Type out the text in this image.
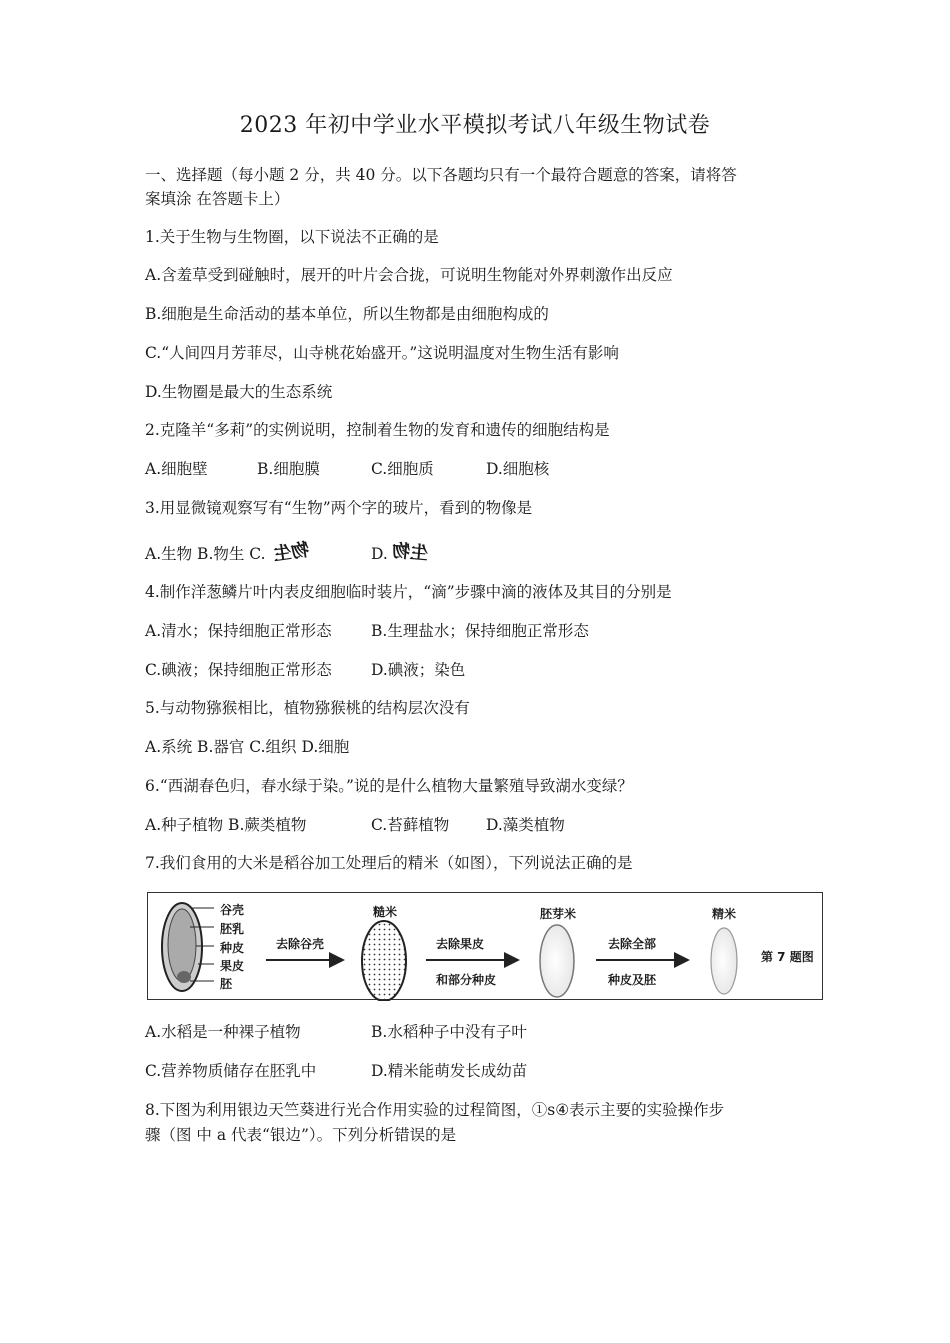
2023 年初中学业水平模拟考试八年级生物试卷
一、选择题（每小题 2 分，共 40 分。以下各题均只有一个最符合题意的答案，请将答
案填涂 在答题卡上）
1.关于生物与生物圈，以下说法不正确的是
A.含羞草受到碰触时，展开的叶片会合拢，可说明生物能对外界刺激作出反应
B.细胞是生命活动的基本单位，所以生物都是由细胞构成的
C.“人间四月芳菲尽，山寺桃花始盛开。”这说明温度对生物生活有影响
D.生物圈是最大的生态系统
2.克隆羊“多莉”的实例说明，控制着生物的发育和遗传的细胞结构是
A.细胞壁	B.细胞膜	C.细胞质	D.细胞核
3.用显微镜观察写有“生物”两个字的玻片，看到的物像是
A.生物 B.物生 C. 物生	D. 生物
4.制作洋葱鳞片叶内表皮细胞临时装片，“滴”步骤中滴的液体及其目的分别是
A.清水；保持细胞正常形态	B.生理盐水；保持细胞正常形态
C.碘液；保持细胞正常形态	D.碘液；染色
5.与动物猕猴相比，植物猕猴桃的结构层次没有
A.系统 B.器官 C.组织 D.细胞
6.“西湖春色归，春水绿于染。”说的是什么植物大量繁殖导致湖水变绿？
A.种子植物 B.蕨类植物	C.苔藓植物 D.藻类植物
7.我们食用的大米是稻谷加工处理后的精米（如图），下列说法正确的是
谷壳
胚乳
种皮
果皮
胚
去除谷壳
糙米
去除果皮
和部分种皮
胚芽米
去除全部
种皮及胚
精米
第 7 题图
A.水稻是一种裸子植物	B.水稻种子中没有子叶
C.营养物质储存在胚乳中	D.精米能萌发长成幼苗
8.下图为利用银边天竺葵进行光合作用实验的过程简图，①s④表示主要的实验操作步
骤（图 中 a 代表“银边”）。下列分析错误的是
